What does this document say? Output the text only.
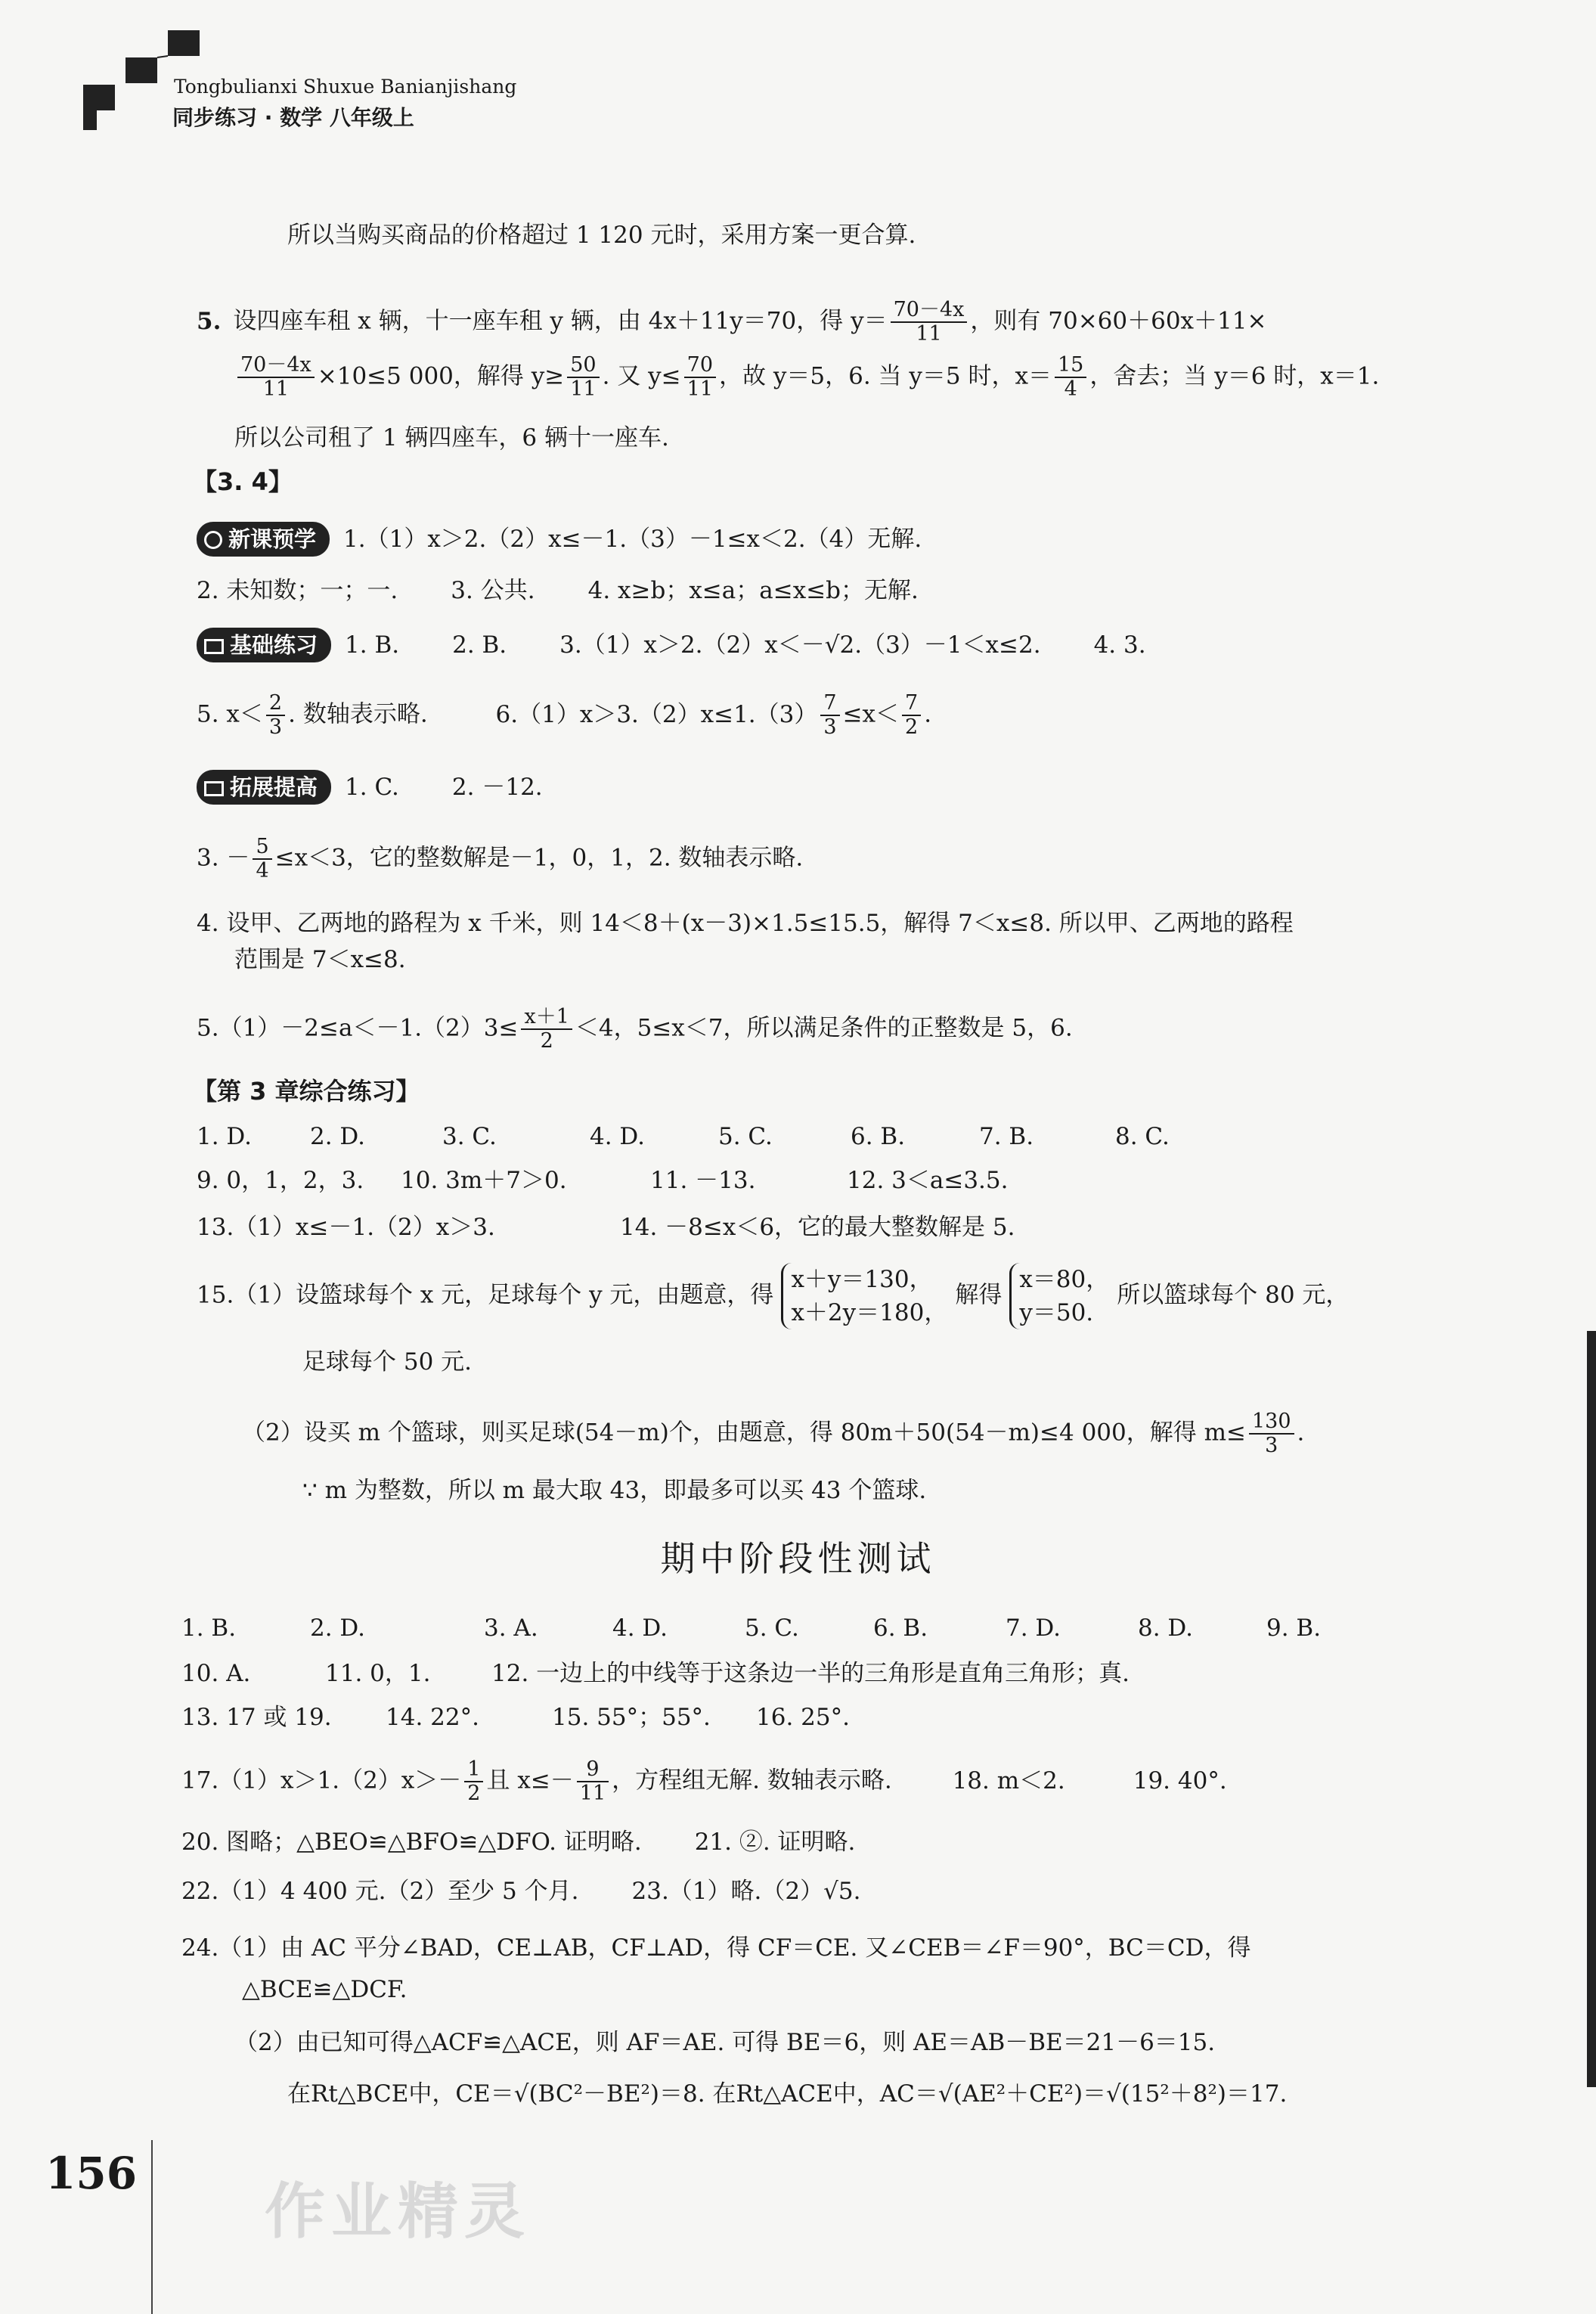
Tongbulianxi Shuxue Banianjishang
同步练习 · 数学 八年级上
所以当购买商品的价格超过 1 120 元时，采用方案一更合算.
5. 设四座车租 x 辆，十一座车租 y 辆，由 4x＋11y＝70，得 $y= \frac{70-4x}{11}$ ，则有 70×60＋60x＋11×
$\frac{70-4x}{11} \times 10\le 5$ 000，解得 $y\ge \frac{50}{11}$ . 又 $y\le \frac{70}{11}$ ，故 y＝5，6. 当 y＝5 时，$x= \frac{15}{4}$ ，舍去；当 y＝6 时，x＝1.
所以公司租了 1 辆四座车，6 辆十一座车.
【3. 4】
新课预学 1.（1）x＞2.（2）x≤－1.（3）－1≤x＜2.（4）无解.
2. 未知数；一；一. 3. 公共. 4. x≥b；x≤a；a≤x≤b；无解.
基础练习 1. B. 2. B. 3.（1）x＞2.（2）x＜－√2.（3）－1＜x≤2. 4. 3.
5. $x< \frac{2}{3}$ . 数轴表示略.	$6.(1)x>3.(2)x\le 1.(3) \frac{7}{3} \le x< \frac{7}{2}$ .
拓展提高 1. C. 2. －12.
3. － $\frac{5}{4} \le x<3$，它的整数解是－1，0，1，2. 数轴表示略.
4. 设甲、乙两地的路程为 x 千米，则 14＜8＋(x－3)×1.5≤15.5，解得 7＜x≤8. 所以甲、乙两地的路程
范围是 7＜x≤8.
$5.(1)-2\le a<-1.(2)3\le \frac{x+1}{2} <4$，5≤x＜7，所以满足条件的正整数是 5，6.
【第 3 章综合练习】
1. D. 2. D.	3. C.	4. D.	5. C.	6. B.	7. B.	8. C.
9. 0，1，2，3. 10. 3m＋7＞0.	11. －13.	12. 3＜a≤3.5.
13.（1）x≤－1.（2）x＞3.	14. －8≤x＜6，它的最大整数解是 5.
15.（1）设篮球每个 x 元，足球每个 y 元，由题意，得
x＋y＝130，
x＋2y＝180，
解得
x＝80，
y＝50.
所以篮球每个 80 元，
足球每个 50 元.
（2）设买 m 个篮球，则买足球(54－m)个，由题意，得 80m＋50(54－m)≤4 000，解得 $m\le \frac{130}{3}$ .
∵ m 为整数，所以 m 最大取 43，即最多可以买 43 个篮球.
期中阶段性测试
1. B.	2. D.	3. A.	4. D.	5. C.	6. B.	7. D.	8. D.	9. B.
10. A.	11. 0，1.	12. 一边上的中线等于这条边一半的三角形是直角三角形；真.
13. 17 或 19. 14. 22°.	15. 55°；55°. 16. 25°.
$17.(1)x>1.(2)x>- \frac{1}{2}$ 且 $x\le- \frac{9}{11}$ ，方程组无解. 数轴表示略.	18. m＜2.	19. 40°.
20. 图略；△BEO≌△BFO≌△DFO. 证明略. 21. ②. 证明略.
22.（1）4 400 元.（2）至少 5 个月. 23.（1）略.（2）√5.
24.（1）由 AC 平分∠BAD，CE⊥AB，CF⊥AD，得 CF＝CE. 又∠CEB＝∠F＝90°，BC＝CD，得
△BCE≌△DCF.
（2）由已知可得△ACF≌△ACE，则 AF＝AE. 可得 BE＝6，则 AE＝AB－BE＝21－6＝15.
在Rt△BCE中，CE＝√(BC²－BE²)＝8. 在Rt△ACE中，AC＝√(AE²＋CE²)＝√(15²＋8²)＝17.
156
作业精灵
